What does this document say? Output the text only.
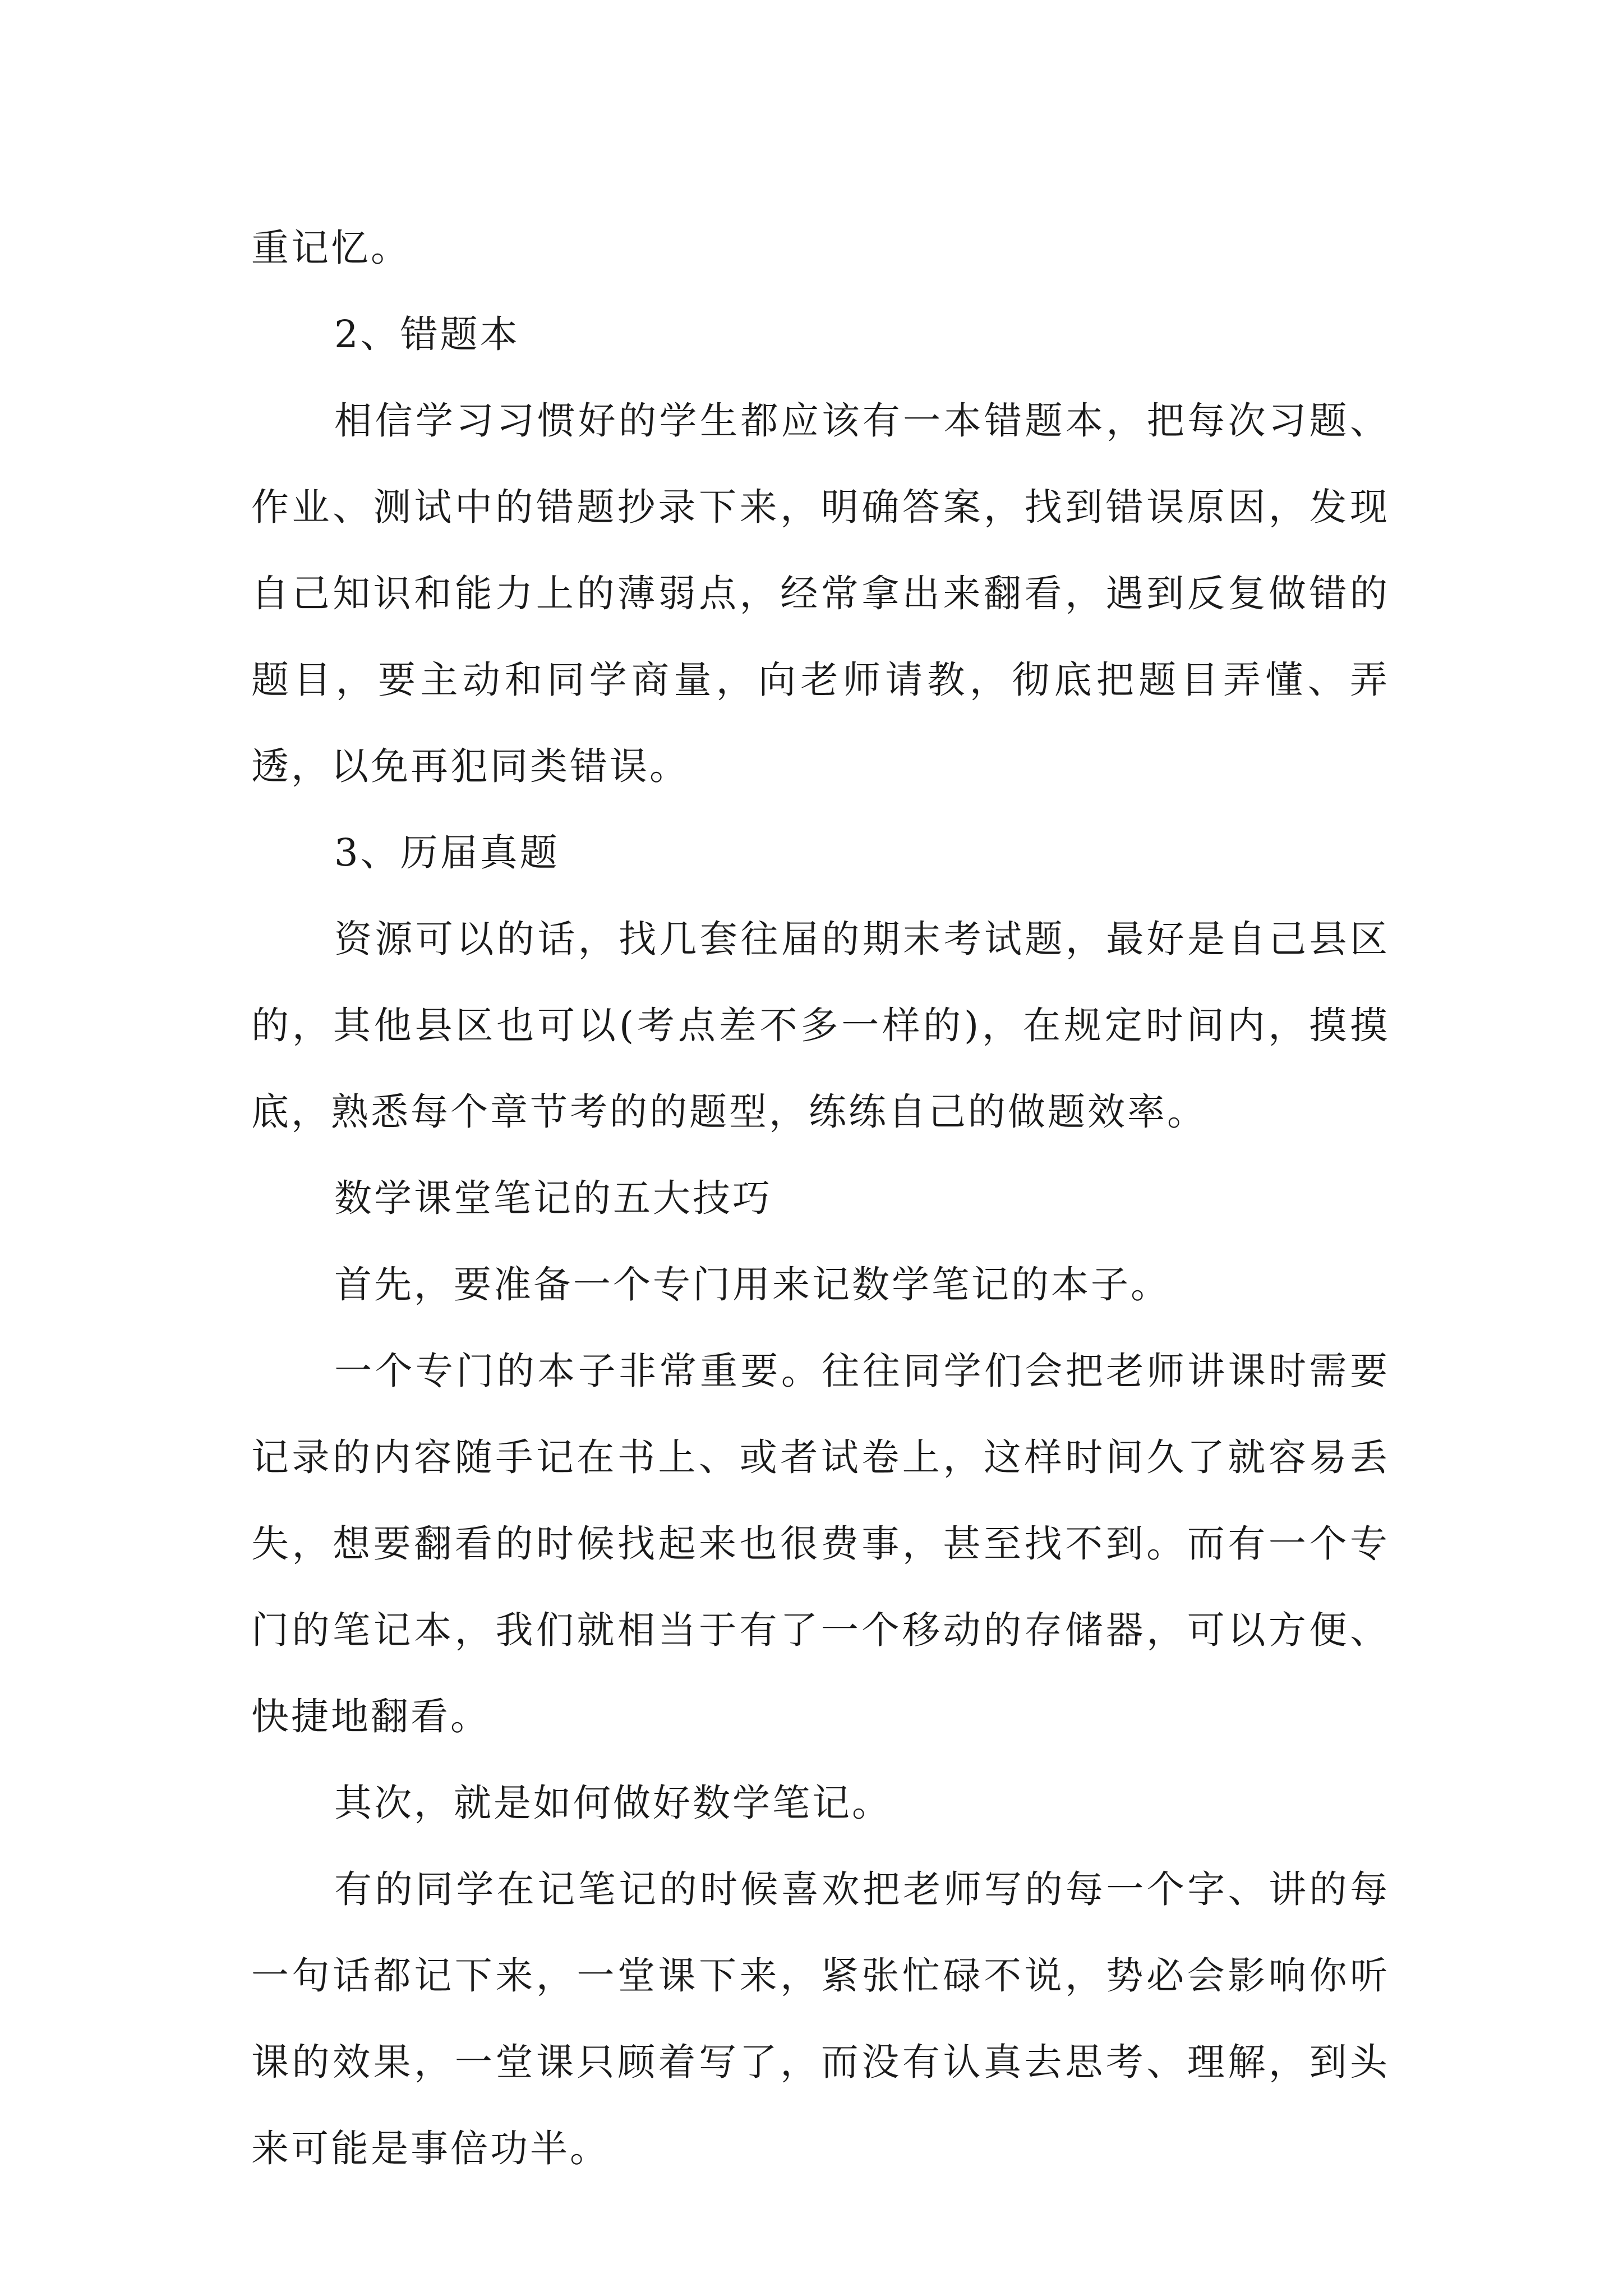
重记忆。

2、错题本

相信学习习惯好的学生都应该有一本错题本，把每次习题、作业、测试中的错题抄录下来，明确答案，找到错误原因，发现自己知识和能力上的薄弱点，经常拿出来翻看，遇到反复做错的题目，要主动和同学商量，向老师请教，彻底把题目弄懂、弄透，以免再犯同类错误。

3、历届真题

资源可以的话，找几套往届的期末考试题，最好是自己县区的，其他县区也可以(考点差不多一样的)，在规定时间内，摸摸底，熟悉每个章节考的的题型，练练自己的做题效率。

数学课堂笔记的五大技巧

首先，要准备一个专门用来记数学笔记的本子。

一个专门的本子非常重要。往往同学们会把老师讲课时需要记录的内容随手记在书上、或者试卷上，这样时间久了就容易丢失，想要翻看的时候找起来也很费事，甚至找不到。而有一个专门的笔记本，我们就相当于有了一个移动的存储器，可以方便、快捷地翻看。

其次，就是如何做好数学笔记。

有的同学在记笔记的时候喜欢把老师写的每一个字、讲的每一句话都记下来，一堂课下来，紧张忙碌不说，势必会影响你听课的效果，一堂课只顾着写了，而没有认真去思考、理解，到头来可能是事倍功半。
